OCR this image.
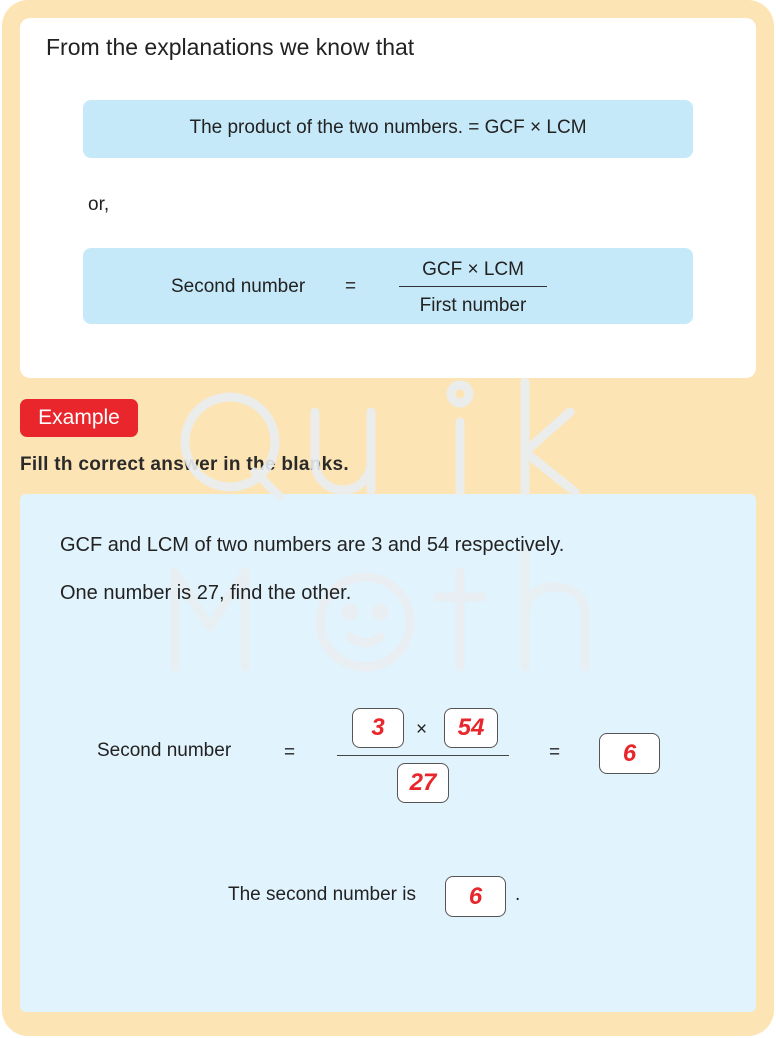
From the explanations we know that
The product of the two numbers. = GCF × LCM
or,
Second number =
GCF × LCM
First number
Example
Fill th correct answer in the blanks.
GCF and LCM of two numbers are 3 and 54 respectively.
One number is 27, find the other.
Second number	=
3	×	54
27
=	6
The second number is	6	.
